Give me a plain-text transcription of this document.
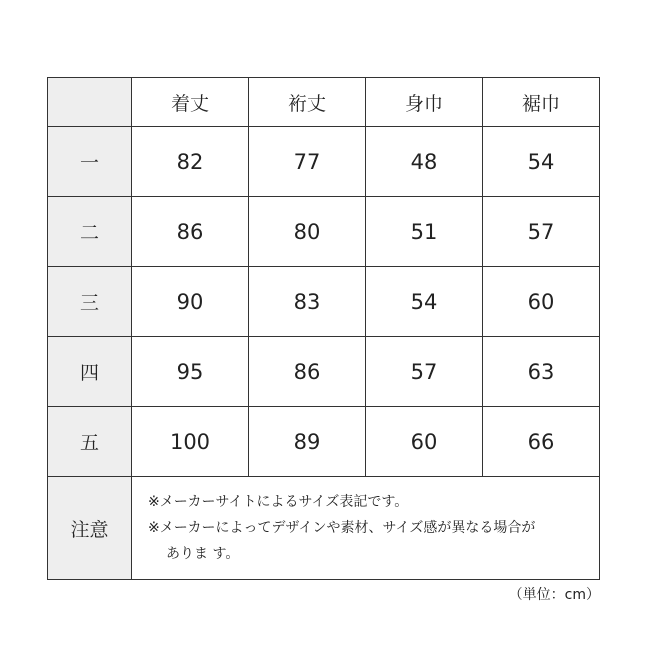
	着丈	裄丈	身巾	裾巾
一	82	77	48	54
二	86	80	51	57
三	90	83	54	60
四	95	86	57	63
五	100	89	60	66
注意	※メーカーサイトによるサイズ表記です。
※メーカーによってデザインや素材、サイズ感が異なる場合が
ありま す。			
（単位：cm）
